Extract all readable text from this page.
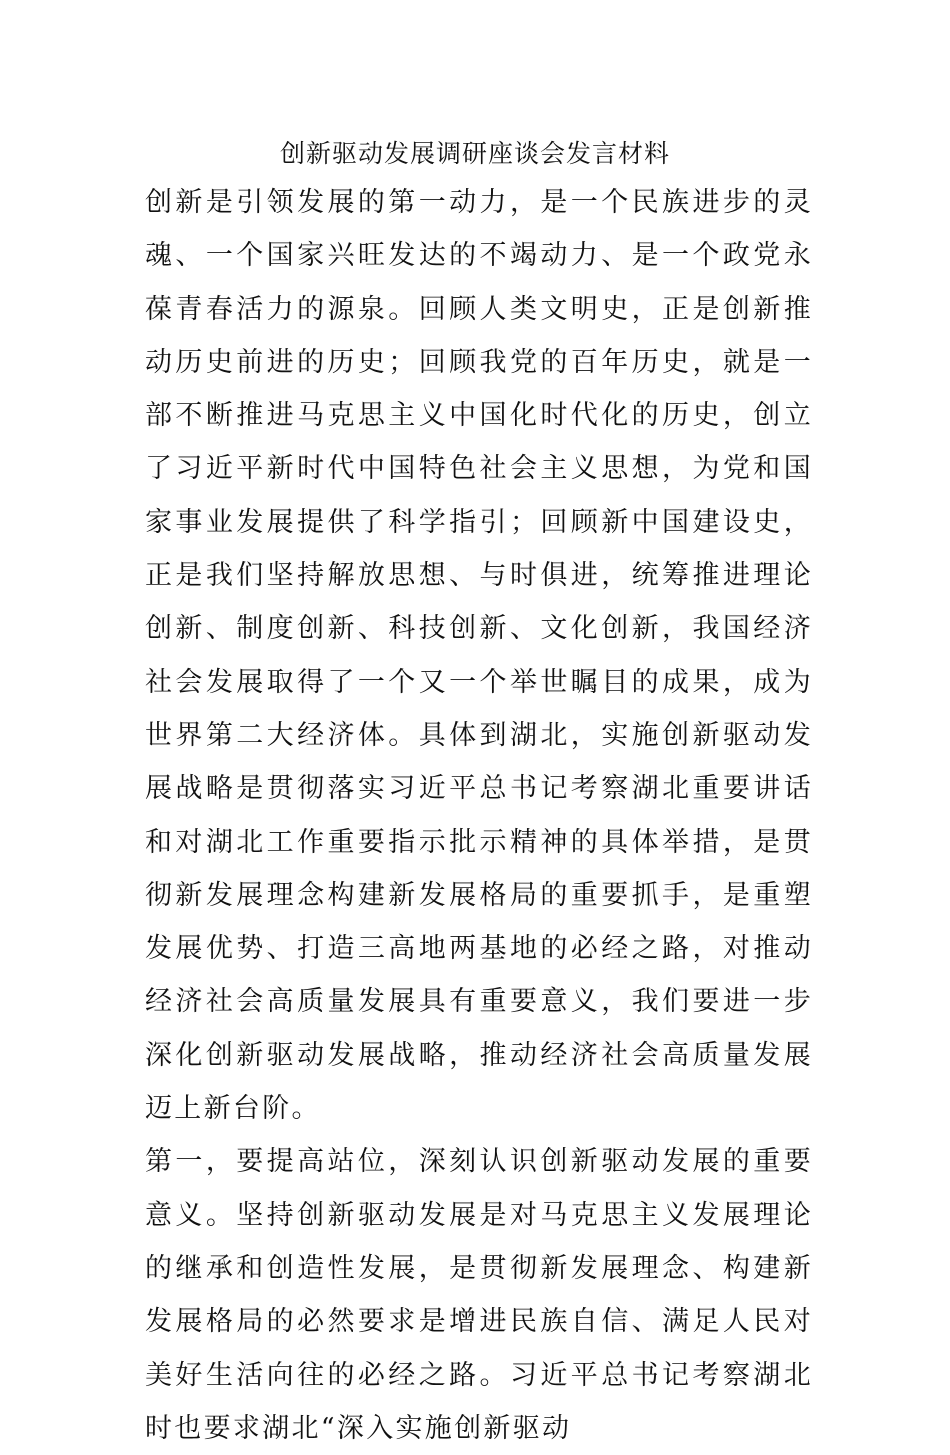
创新驱动发展调研座谈会发言材料

创新是引领发展的第一动力，是一个民族进步的灵魂、一个国家兴旺发达的不竭动力、是一个政党永葆青春活力的源泉。回顾人类文明史，正是创新推动历史前进的历史；回顾我党的百年历史，就是一部不断推进马克思主义中国化时代化的历史，创立了习近平新时代中国特色社会主义思想，为党和国家事业发展提供了科学指引；回顾新中国建设史，正是我们坚持解放思想、与时俱进，统筹推进理论创新、制度创新、科技创新、文化创新，我国经济社会发展取得了一个又一个举世瞩目的成果，成为世界第二大经济体。具体到湖北，实施创新驱动发展战略是贯彻落实习近平总书记考察湖北重要讲话和对湖北工作重要指示批示精神的具体举措，是贯彻新发展理念构建新发展格局的重要抓手，是重塑发展优势、打造三高地两基地的必经之路，对推动经济社会高质量发展具有重要意义，我们要进一步深化创新驱动发展战略，推动经济社会高质量发展迈上新台阶。

第一，要提高站位，深刻认识创新驱动发展的重要意义。坚持创新驱动发展是对马克思主义发展理论的继承和创造性发展，是贯彻新发展理念、构建新发展格局的必然要求是增进民族自信、满足人民对美好生活向往的必经之路。习近平总书记考察湖北时也要求湖北“深入实施创新驱动
